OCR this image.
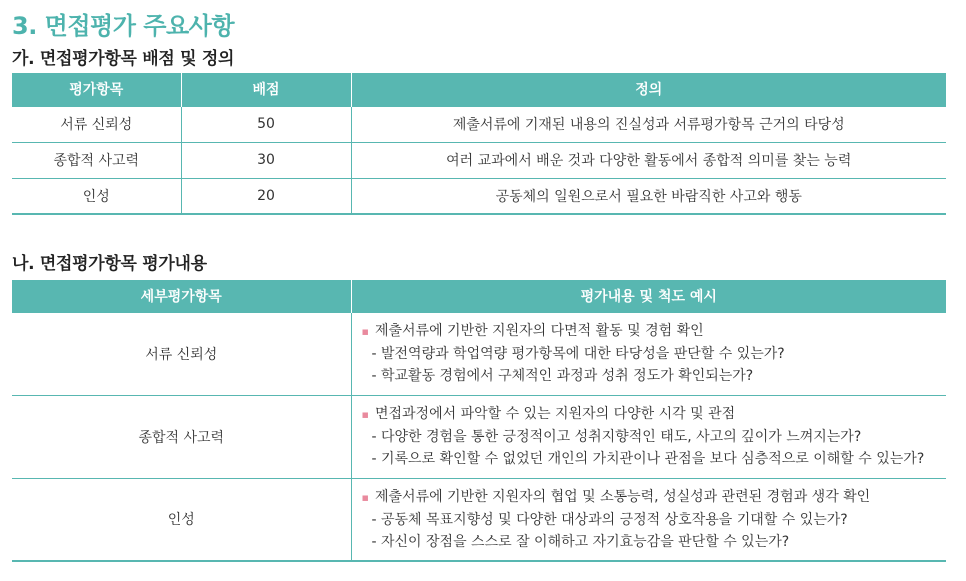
3. 면접평가 주요사항
가. 면접평가항목 배점 및 정의
평가항목	배점	정의
서류 신뢰성	50	제출서류에 기재된 내용의 진실성과 서류평가항목 근거의 타당성
종합적 사고력	30	여러 교과에서 배운 것과 다양한 활동에서 종합적 의미를 찾는 능력
인성	20	공동체의 일원으로서 필요한 바람직한 사고와 행동
나. 면접평가항목 평가내용
세부평가항목	평가내용 및 척도 예시
서류 신뢰성	▪ 제출서류에 기반한 지원자의 다면적 활동 및 경험 확인
- 발전역량과 학업역량 평가항목에 대한 타당성을 판단할 수 있는가?
- 학교활동 경험에서 구체적인 과정과 성취 정도가 확인되는가?

종합적 사고력	▪ 면접과정에서 파악할 수 있는 지원자의 다양한 시각 및 관점
- 다양한 경험을 통한 긍정적이고 성취지향적인 태도, 사고의 깊이가 느껴지는가?
- 기록으로 확인할 수 없었던 개인의 가치관이나 관점을 보다 심층적으로 이해할 수 있는가?

인성	▪ 제출서류에 기반한 지원자의 협업 및 소통능력, 성실성과 관련된 경험과 생각 확인
- 공동체 목표지향성 및 다양한 대상과의 긍정적 상호작용을 기대할 수 있는가?
- 자신이 장점을 스스로 잘 이해하고 자기효능감을 판단할 수 있는가?
